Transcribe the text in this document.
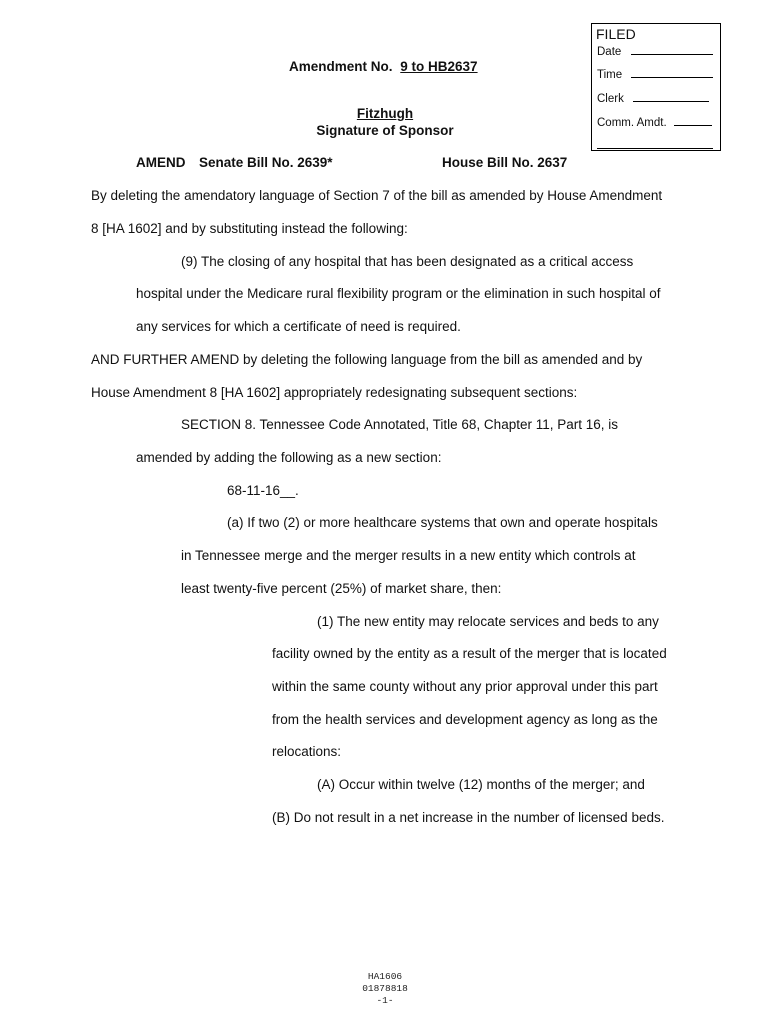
FILED
Date
Time
Clerk
Comm. Amdt.
Amendment No. 9 to HB2637
Fitzhugh
Signature of Sponsor
AMEND Senate Bill No. 2639*	House Bill No. 2637
By deleting the amendatory language of Section 7 of the bill as amended by House Amendment
8 [HA 1602] and by substituting instead the following:
(9) The closing of any hospital that has been designated as a critical access
hospital under the Medicare rural flexibility program or the elimination in such hospital of
any services for which a certificate of need is required.
AND FURTHER AMEND by deleting the following language from the bill as amended and by
House Amendment 8 [HA 1602] appropriately redesignating subsequent sections:
SECTION 8. Tennessee Code Annotated, Title 68, Chapter 11, Part 16, is
amended by adding the following as a new section:
68-11-16__.
(a) If two (2) or more healthcare systems that own and operate hospitals
in Tennessee merge and the merger results in a new entity which controls at
least twenty-five percent (25%) of market share, then:
(1) The new entity may relocate services and beds to any
facility owned by the entity as a result of the merger that is located
within the same county without any prior approval under this part
from the health services and development agency as long as the
relocations:
(A) Occur within twelve (12) months of the merger; and
(B) Do not result in a net increase in the number of licensed beds.
HA1606
01878818
-1-
